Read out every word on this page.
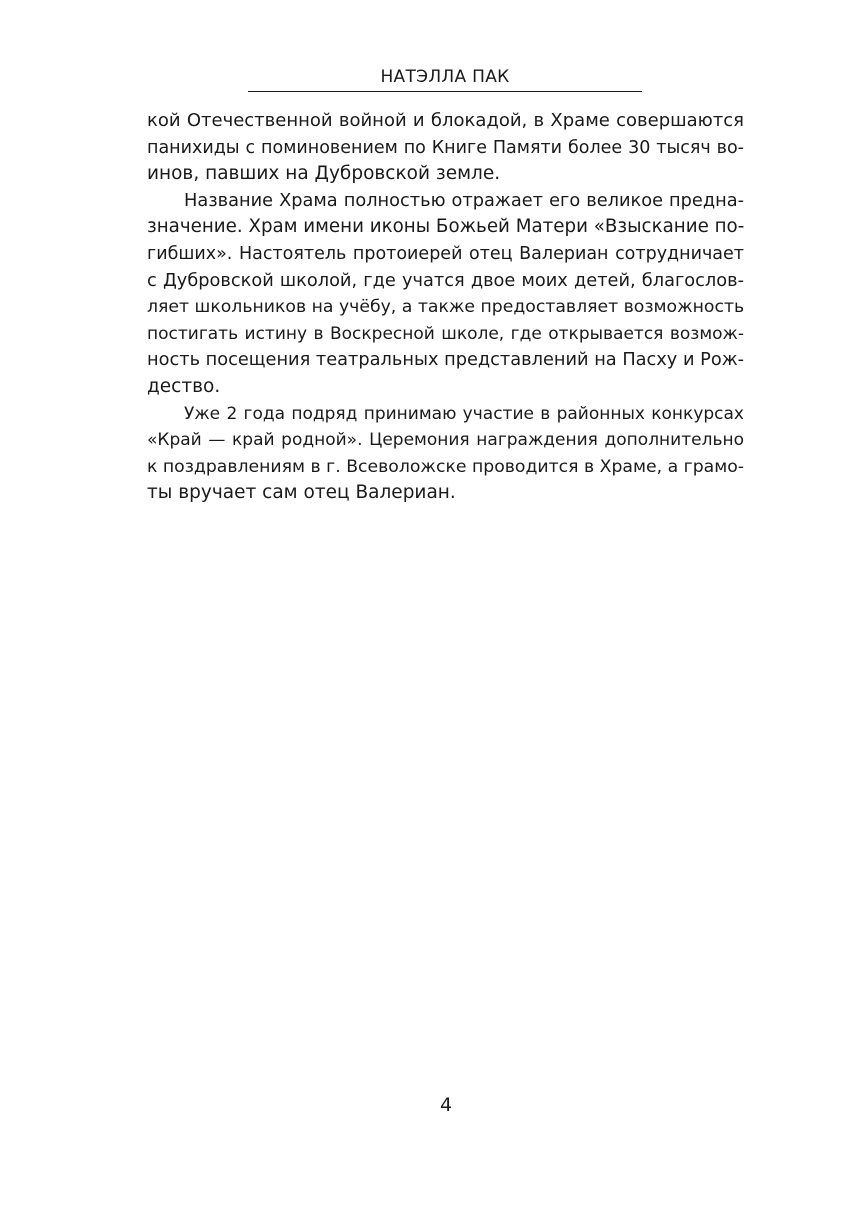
НАТЭЛЛА ПАК
кой Отечественной войной и блокадой, в Храме совершаются
панихиды с поминовением по Книге Памяти более 30 тысяч во-
инов, павших на Дубровской земле.
Название Храма полностью отражает его великое предна-
значение. Храм имени иконы Божьей Матери «Взыскание по-
гибших». Настоятель протоиерей отец Валериан сотрудничает
с Дубровской школой, где учатся двое моих детей, благослов-
ляет школьников на учёбу, а также предоставляет возможность
постигать истину в Воскресной школе, где открывается возмож-
ность посещения театральных представлений на Пасху и Рож-
дество.
Уже 2 года подряд принимаю участие в районных конкурсах
«Край — край родной». Церемония награждения дополнительно
к поздравлениям в г. Всеволожске проводится в Храме, а грамо-
ты вручает сам отец Валериан.
4
